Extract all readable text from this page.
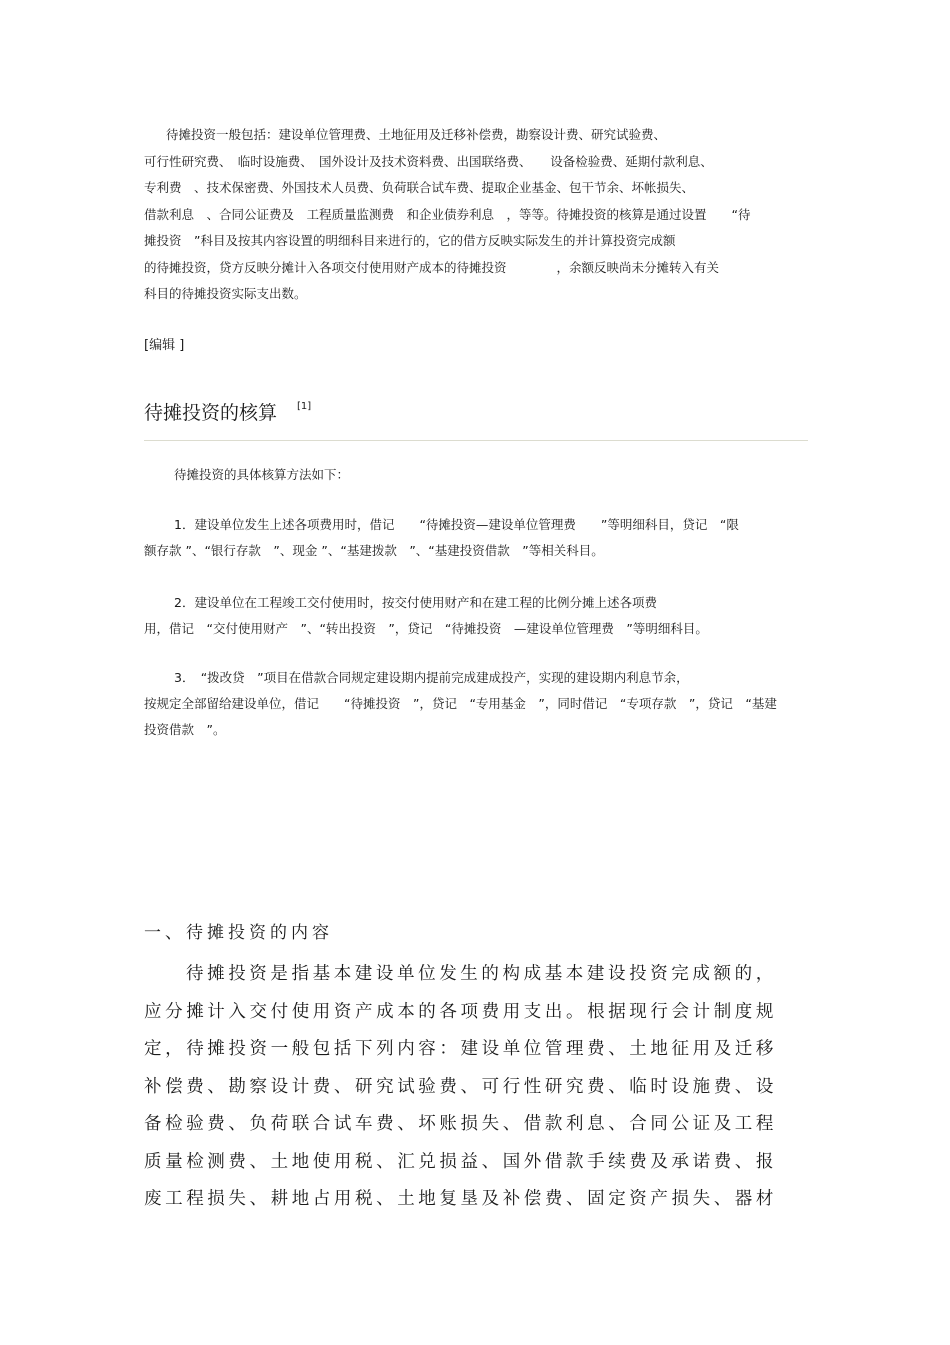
待摊投资一般包括：建设单位管理费、土地征用及迁移补偿费，勘察设计费、研究试验费、
可行性研究费、　临时设施费、　国外设计及技术资料费、出国联络费、　　设备检验费、延期付款利息、
专利费　、技术保密费、外国技术人员费、负荷联合试车费、提取企业基金、包干节余、坏帐损失、
借款利息　、合同公证费及　工程质量监测费　和企业债券利息　，等等。待摊投资的核算是通过设置　　“待
摊投资　”科目及按其内容设置的明细科目来进行的，它的借方反映实际发生的并计算投资完成额
的待摊投资，贷方反映分摊计入各项交付使用财产成本的待摊投资　　　　，余额反映尚未分摊转入有关
科目的待摊投资实际支出数。
[编辑 ]
待摊投资的核算 [1]
待摊投资的具体核算方法如下：
1．建设单位发生上述各项费用时，借记　　“待摊投资—建设单位管理费　　”等明细科目，贷记　“限
额存款 ”、“银行存款　”、现金 ”、“基建拨款　”、“基建投资借款　”等相关科目。
2．建设单位在工程竣工交付使用时，按交付使用财产和在建工程的比例分摊上述各项费
用，借记　“交付使用财产　”、“转出投资　”，贷记　“待摊投资　—建设单位管理费　”等明细科目。
3．　“拨改贷　”项目在借款合同规定建设期内提前完成建成投产，实现的建设期内利息节余，
按规定全部留给建设单位，借记　　“待摊投资　”，贷记　“专用基金　”，同时借记　“专项存款　”，贷记　“基建
投资借款　”。
一、待摊投资的内容
待摊投资是指基本建设单位发生的构成基本建设投资完成额的，
应分摊计入交付使用资产成本的各项费用支出。根据现行会计制度规
定，待摊投资一般包括下列内容：建设单位管理费、土地征用及迁移
补偿费、勘察设计费、研究试验费、可行性研究费、临时设施费、设
备检验费、负荷联合试车费、坏账损失、借款利息、合同公证及工程
质量检测费、土地使用税、汇兑损益、国外借款手续费及承诺费、报
废工程损失、耕地占用税、土地复垦及补偿费、固定资产损失、器材
